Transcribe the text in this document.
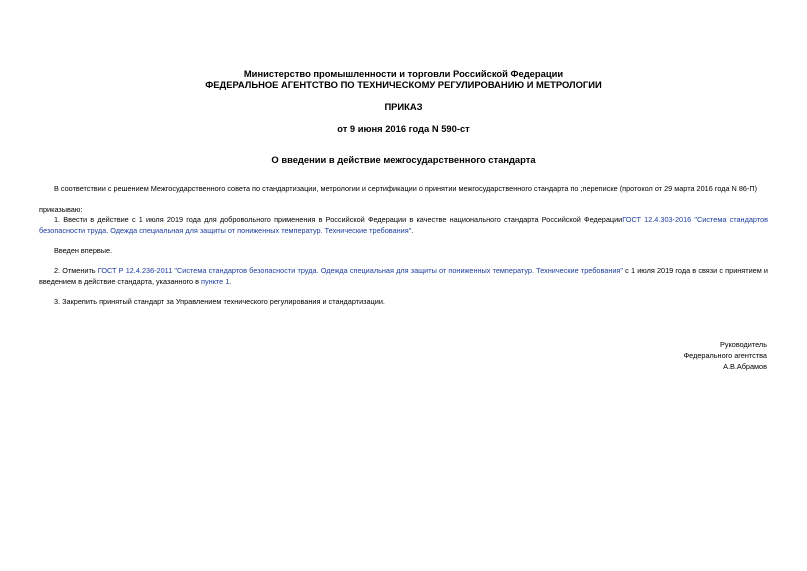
Министерство промышленности и торговли Российской Федерации
ФЕДЕРАЛЬНОЕ АГЕНТСТВО ПО ТЕХНИЧЕСКОМУ РЕГУЛИРОВАНИЮ И МЕТРОЛОГИИ
ПРИКАЗ
от 9 июня 2016 года N 590-ст
О введении в действие межгосударственного стандарта
В соответствии с решением Межгосударственного совета по стандартизации, метрологии и сертификации о принятии межгосударственного стандарта по ;перепиcке (протокол от 29 марта 2016 года N 86-П)
приказываю:
1. Ввести в действие с 1 июля 2019 года для добровольного применения в Российской Федерации в качестве национального стандарта Российской ФедерацииГОСТ 12.4.303-2016 "Система стандартов безопасности труда. Одежда специальная для защиты от пониженных температур. Технические требования".
Введен впервые.
2. Отменить ГОСТ Р 12.4.236-2011 "Система стандартов безопасности труда. Одежда специальная для защиты от пониженных температур. Технические требования" с 1 июля 2019 года в связи с принятием и введением в действие стандарта, указанного в пункте 1.
3. Закрепить принятый стандарт за Управлением технического регулирования и стандартизации.
Руководитель
Федерального агентства
А.В.Абрамов
